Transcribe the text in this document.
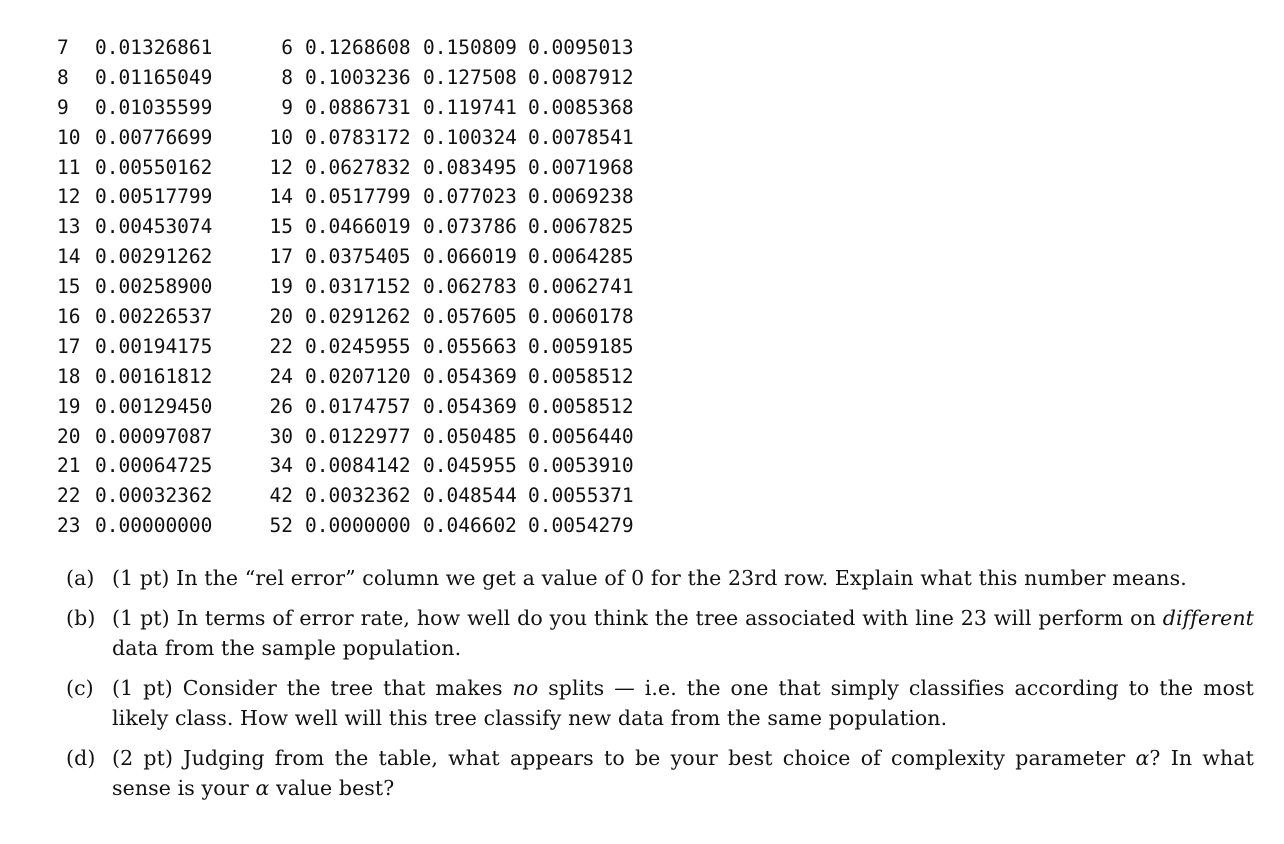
7	0.01326861	6 0.1268608 0.150809 0.0095013
8	0.01165049	8 0.1003236 0.127508 0.0087912
9	0.01035599	9 0.0886731 0.119741 0.0085368
10 0.00776699	10 0.0783172 0.100324 0.0078541
11 0.00550162	12 0.0627832 0.083495 0.0071968
12 0.00517799	14 0.0517799 0.077023 0.0069238
13 0.00453074	15 0.0466019 0.073786 0.0067825
14 0.00291262	17 0.0375405 0.066019 0.0064285
15 0.00258900	19 0.0317152 0.062783 0.0062741
16 0.00226537	20 0.0291262 0.057605 0.0060178
17 0.00194175	22 0.0245955 0.055663 0.0059185
18 0.00161812	24 0.0207120 0.054369 0.0058512
19 0.00129450	26 0.0174757 0.054369 0.0058512
20 0.00097087	30 0.0122977 0.050485 0.0056440
21 0.00064725	34 0.0084142 0.045955 0.0053910
22 0.00032362	42 0.0032362 0.048544 0.0055371
23 0.00000000	52 0.0000000 0.046602 0.0054279
(a) (1 pt) In the “rel error” column we get a value of 0 for the 23rd row. Explain what this number means.
(b) (1 pt) In terms of error rate, how well do you think the tree associated with line 23 will perform on different data from the sample population.
(c) (1 pt) Consider the tree that makes no splits — i.e. the one that simply classifies according to the most likely class. How well will this tree classify new data from the same population.
(d) (2 pt) Judging from the table, what appears to be your best choice of complexity parameter α? In what sense is your α value best?
